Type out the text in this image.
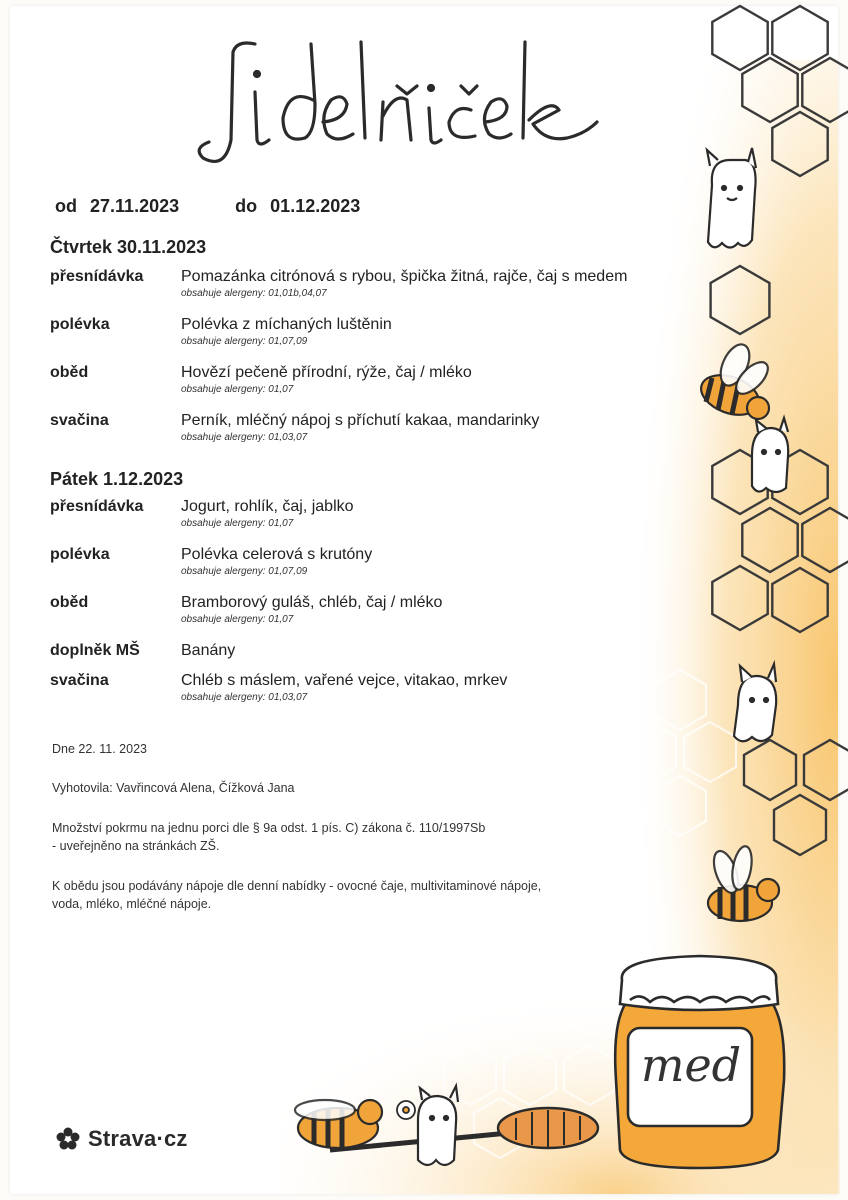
od 27.11.2023	do 01.12.2023
Čtvrtek 30.11.2023
přesnídávka Pomazánka citrónová s rybou, špička žitná, rajče, čaj s medem
obsahuje alergeny: 01,01b,04,07
polévka	Polévka z míchaných luštěnin
obsahuje alergeny: 01,07,09
oběd	Hovězí pečeně přírodní, rýže, čaj / mléko
obsahuje alergeny: 01,07
svačina	Perník, mléčný nápoj s příchutí kakaa, mandarinky
obsahuje alergeny: 01,03,07
Pátek 1.12.2023
přesnídávka Jogurt, rohlík, čaj, jablko
obsahuje alergeny: 01,07
polévka	Polévka celerová s krutóny
obsahuje alergeny: 01,07,09
oběd	Bramborový guláš, chléb, čaj / mléko
obsahuje alergeny: 01,07
doplněk MŠ	Banány
svačina	Chléb s máslem, vařené vejce, vitakao, mrkev
obsahuje alergeny: 01,03,07
Dne 22. 11. 2023
Vyhotovila: Vavřincová Alena, Čížková Jana
Množství pokrmu na jednu porci dle § 9a odst. 1 pís. C) zákona č. 110/1997Sb
- uveřejněno na stránkách ZŠ.
K obědu jsou podávány nápoje dle denní nabídky - ovocné čaje, multivitaminové nápoje,
voda, mléko, mléčné nápoje.
med
Strava·cz
